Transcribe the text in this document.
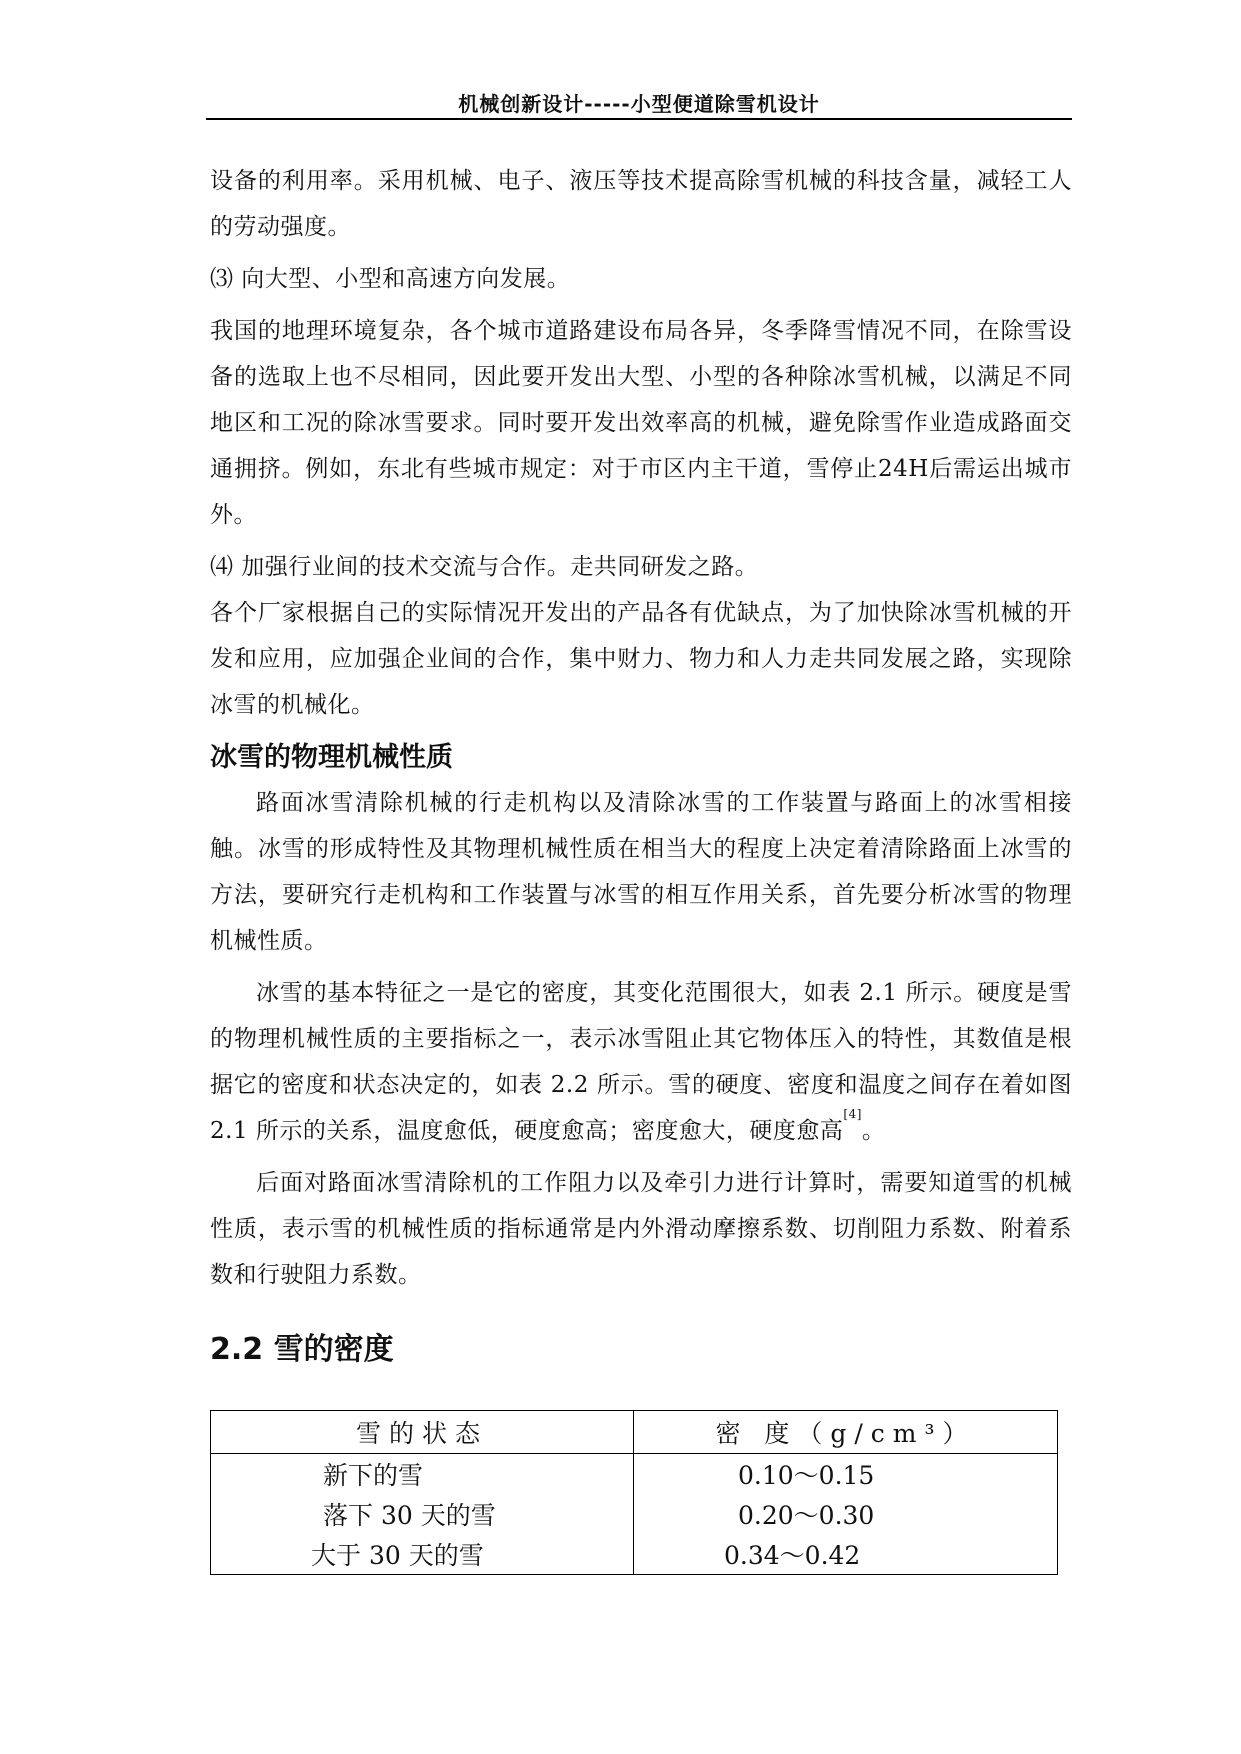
机械创新设计-----小型便道除雪机设计

设备的利用率。采用机械、电子、液压等技术提高除雪机械的科技含量，减轻工人的劳动强度。

⑶ 向大型、小型和高速方向发展。

我国的地理环境复杂，各个城市道路建设布局各异，冬季降雪情况不同，在除雪设备的选取上也不尽相同，因此要开发出大型、小型的各种除冰雪机械，以满足不同地区和工况的除冰雪要求。同时要开发出效率高的机械，避免除雪作业造成路面交通拥挤。例如，东北有些城市规定：对于市区内主干道，雪停止24H后需运出城市外。

⑷ 加强行业间的技术交流与合作。走共同研发之路。

各个厂家根据自己的实际情况开发出的产品各有优缺点，为了加快除冰雪机械的开发和应用，应加强企业间的合作，集中财力、物力和人力走共同发展之路，实现除冰雪的机械化。

冰雪的物理机械性质

路面冰雪清除机械的行走机构以及清除冰雪的工作装置与路面上的冰雪相接触。冰雪的形成特性及其物理机械性质在相当大的程度上决定着清除路面上冰雪的方法，要研究行走机构和工作装置与冰雪的相互作用关系，首先要分析冰雪的物理机械性质。

冰雪的基本特征之一是它的密度，其变化范围很大，如表 2.1 所示。硬度是雪的物理机械性质的主要指标之一，表示冰雪阻止其它物体压入的特性，其数值是根据它的密度和状态决定的，如表 2.2 所示。雪的硬度、密度和温度之间存在着如图 2.1 所示的关系，温度愈低，硬度愈高；密度愈大，硬度愈高[4]。

后面对路面冰雪清除机的工作阻力以及牵引力进行计算时，需要知道雪的机械性质，表示雪的机械性质的指标通常是内外滑动摩擦系数、切削阻力系数、附着系数和行驶阻力系数。

2.2 雪的密度
雪的状态	密 度（g/cm³）
新下的雪	0.10～0.15
落下 30 天的雪	0.20～0.30
大于 30 天的雪	0.34～0.42
